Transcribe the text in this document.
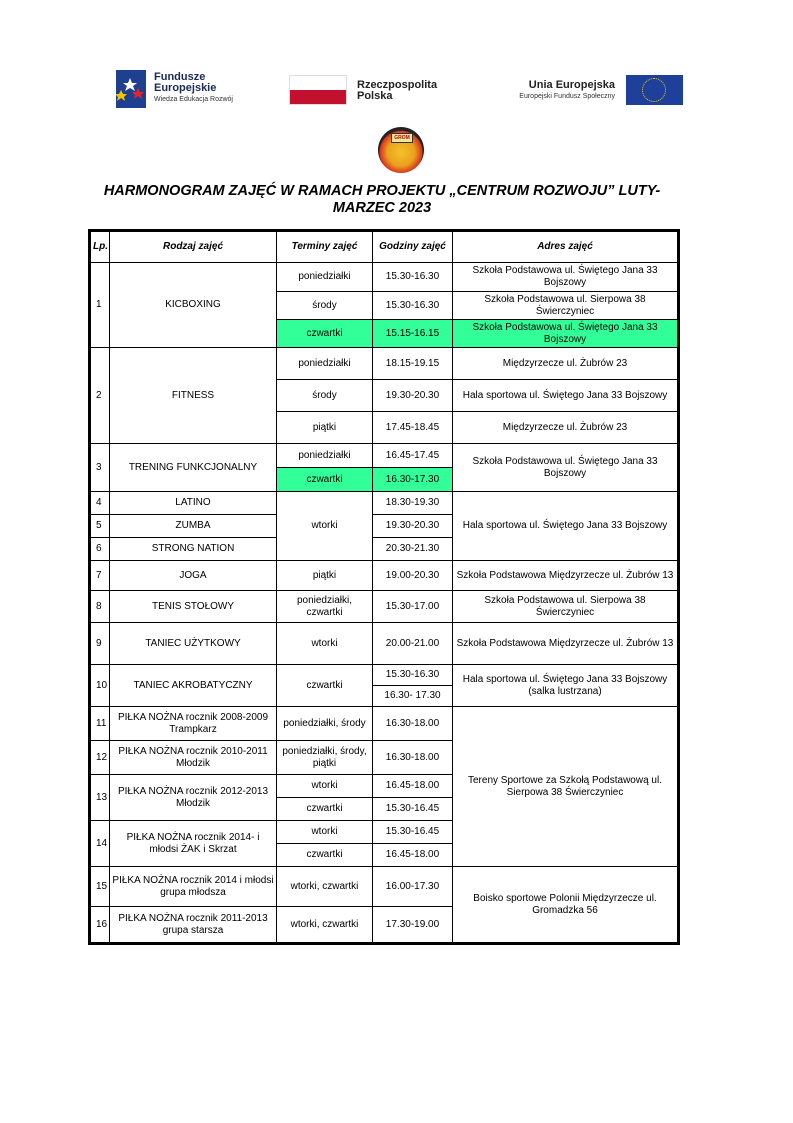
Fundusze
Europejskie
Wiedza Edukacja Rozwój
Rzeczpospolita
Polska
Unia Europejska
Europejski Fundusz Społeczny
GROM
HARMONOGRAM ZAJĘĆ W RAMACH PROJEKTU „CENTRUM ROZWOJU” LUTY-
MARZEC 2023
Lp.	Rodzaj zajęć	Terminy zajęć	Godziny zajęć	Adres zajęć
1	KICBOXING	poniedziałki	15.30-16.30	Szkoła Podstawowa ul. Świętego Jana 33 Bojszowy
		środy	15.30-16.30	Szkoła Podstawowa ul. Sierpowa 38 Świerczyniec
		czwartki	15.15-16.15	Szkoła Podstawowa ul. Świętego Jana 33 Bojszowy
2	FITNESS	poniedziałki	18.15-19.15	Międzyrzecze ul. Żubrów 23
		środy	19.30-20.30	Hala sportowa ul. Świętego Jana 33 Bojszowy
		piątki	17.45-18.45	Międzyrzecze ul. Żubrów 23
3	TRENING FUNKCJONALNY	poniedziałki	16.45-17.45	Szkoła Podstawowa ul. Świętego Jana 33 Bojszowy
		czwartki	16.30-17.30	
4	LATINO	wtorki	18.30-19.30	Hala sportowa ul. Świętego Jana 33 Bojszowy
5	ZUMBA		19.30-20.30	
6	STRONG NATION		20.30-21.30	
7	JOGA	piątki	19.00-20.30	Szkoła Podstawowa Międzyrzecze ul. Żubrów 13
8	TENIS STOŁOWY	poniedziałki, czwartki	15.30-17.00	Szkoła Podstawowa ul. Sierpowa 38 Świerczyniec
9	TANIEC UŻYTKOWY	wtorki	20.00-21.00	Szkoła Podstawowa Międzyrzecze ul. Żubrów 13
10	TANIEC AKROBATYCZNY	czwartki	15.30-16.30	Hala sportowa ul. Świętego Jana 33 Bojszowy (salka lustrzana)
			16.30- 17.30	
11	PIŁKA NOŻNA rocznik 2008-2009 Trampkarz	poniedziałki, środy	16.30-18.00	Tereny Sportowe za Szkołą Podstawową ul. Sierpowa 38 Świerczyniec
12	PIŁKA NOŻNA rocznik 2010-2011 Młodzik	poniedziałki, środy, piątki	16.30-18.00	
13	PIŁKA NOŻNA rocznik 2012-2013 Młodzik	wtorki	16.45-18.00	
		czwartki	15.30-16.45	
14	PIŁKA NOŻNA rocznik 2014- i młodsi ŻAK i Skrzat	wtorki	15.30-16.45	
		czwartki	16.45-18.00	
15	PIŁKA NOŻNA rocznik 2014 i młodsi grupa młodsza	wtorki, czwartki	16.00-17.30	Boisko sportowe Polonii Międzyrzecze ul. Gromadzka 56
16	PIŁKA NOŻNA rocznik 2011-2013 grupa starsza	wtorki, czwartki	17.30-19.00	
